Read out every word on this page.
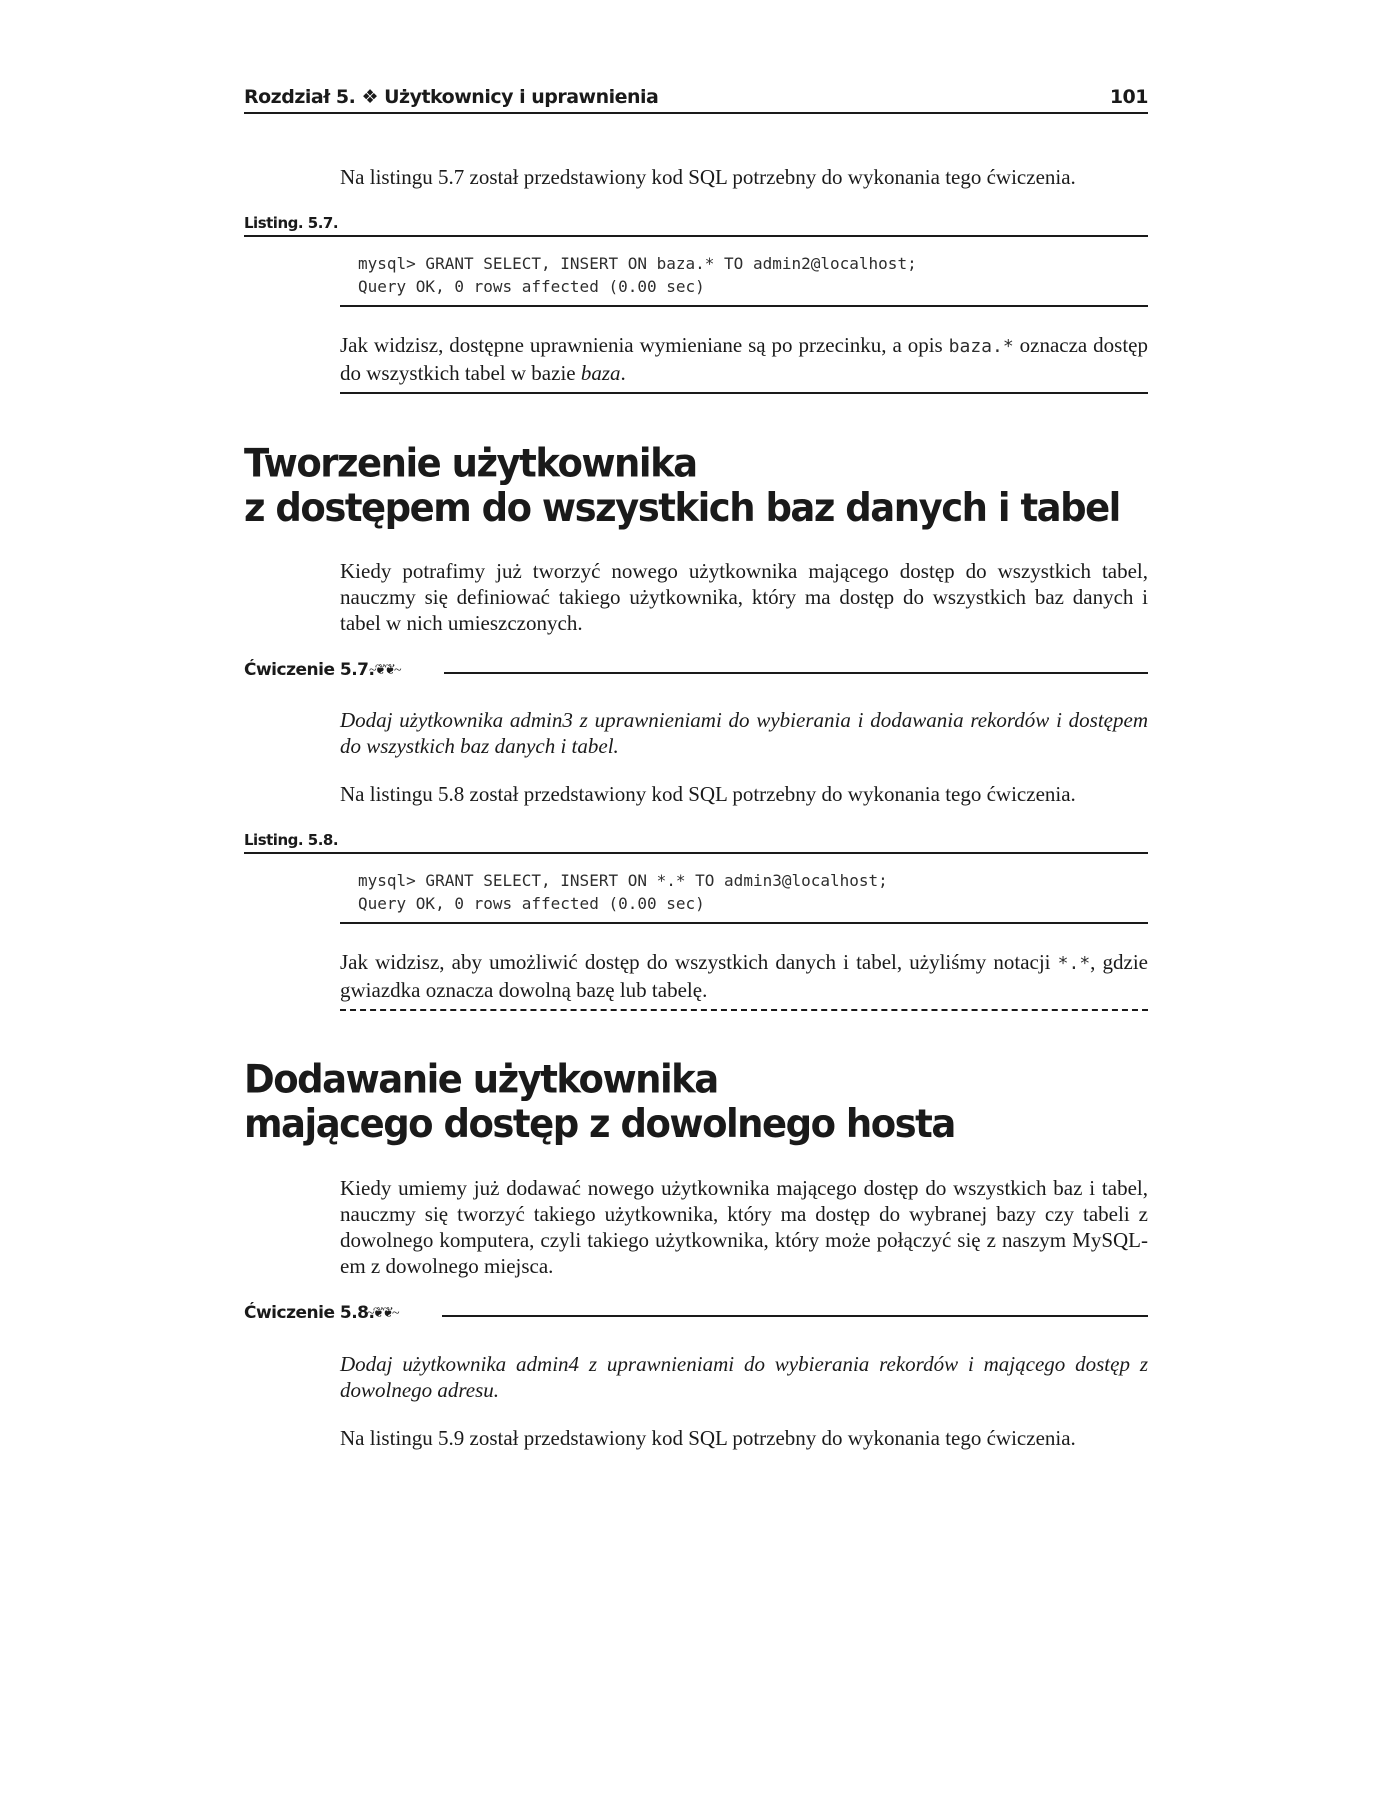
Rozdział 5. ❖ Użytkownicy i uprawnienia	101

Na listingu 5.7 został przedstawiony kod SQL potrzebny do wykonania tego ćwiczenia.

Listing. 5.7.
mysql> GRANT SELECT, INSERT ON baza.* TO admin2@localhost;
Query OK, 0 rows affected (0.00 sec)

Jak widzisz, dostępne uprawnienia wymieniane są po przecinku, a opis baza.* oznacza dostęp do wszystkich tabel w bazie baza.

Tworzenie użytkownika
z dostępem do wszystkich baz danych i tabel

Kiedy potrafimy już tworzyć nowego użytkownika mającego dostęp do wszystkich tabel, nauczmy się definiować takiego użytkownika, który ma dostęp do wszystkich baz danych i tabel w nich umieszczonych.

Ćwiczenie 5.7.
~❦❦~

Dodaj użytkownika admin3 z uprawnieniami do wybierania i dodawania rekordów i dostępem do wszystkich baz danych i tabel.

Na listingu 5.8 został przedstawiony kod SQL potrzebny do wykonania tego ćwiczenia.

Listing. 5.8.
mysql> GRANT SELECT, INSERT ON *.* TO admin3@localhost;
Query OK, 0 rows affected (0.00 sec)

Jak widzisz, aby umożliwić dostęp do wszystkich danych i tabel, użyliśmy notacji *.*, gdzie gwiazdka oznacza dowolną bazę lub tabelę.

Dodawanie użytkownika
mającego dostęp z dowolnego hosta

Kiedy umiemy już dodawać nowego użytkownika mającego dostęp do wszystkich baz i tabel, nauczmy się tworzyć takiego użytkownika, który ma dostęp do wybranej bazy czy tabeli z dowolnego komputera, czyli takiego użytkownika, który może połączyć się z naszym MySQL-em z dowolnego miejsca.

Ćwiczenie 5.8.
~❦❦~

Dodaj użytkownika admin4 z uprawnieniami do wybierania rekordów i mającego dostęp z dowolnego adresu.

Na listingu 5.9 został przedstawiony kod SQL potrzebny do wykonania tego ćwiczenia.
